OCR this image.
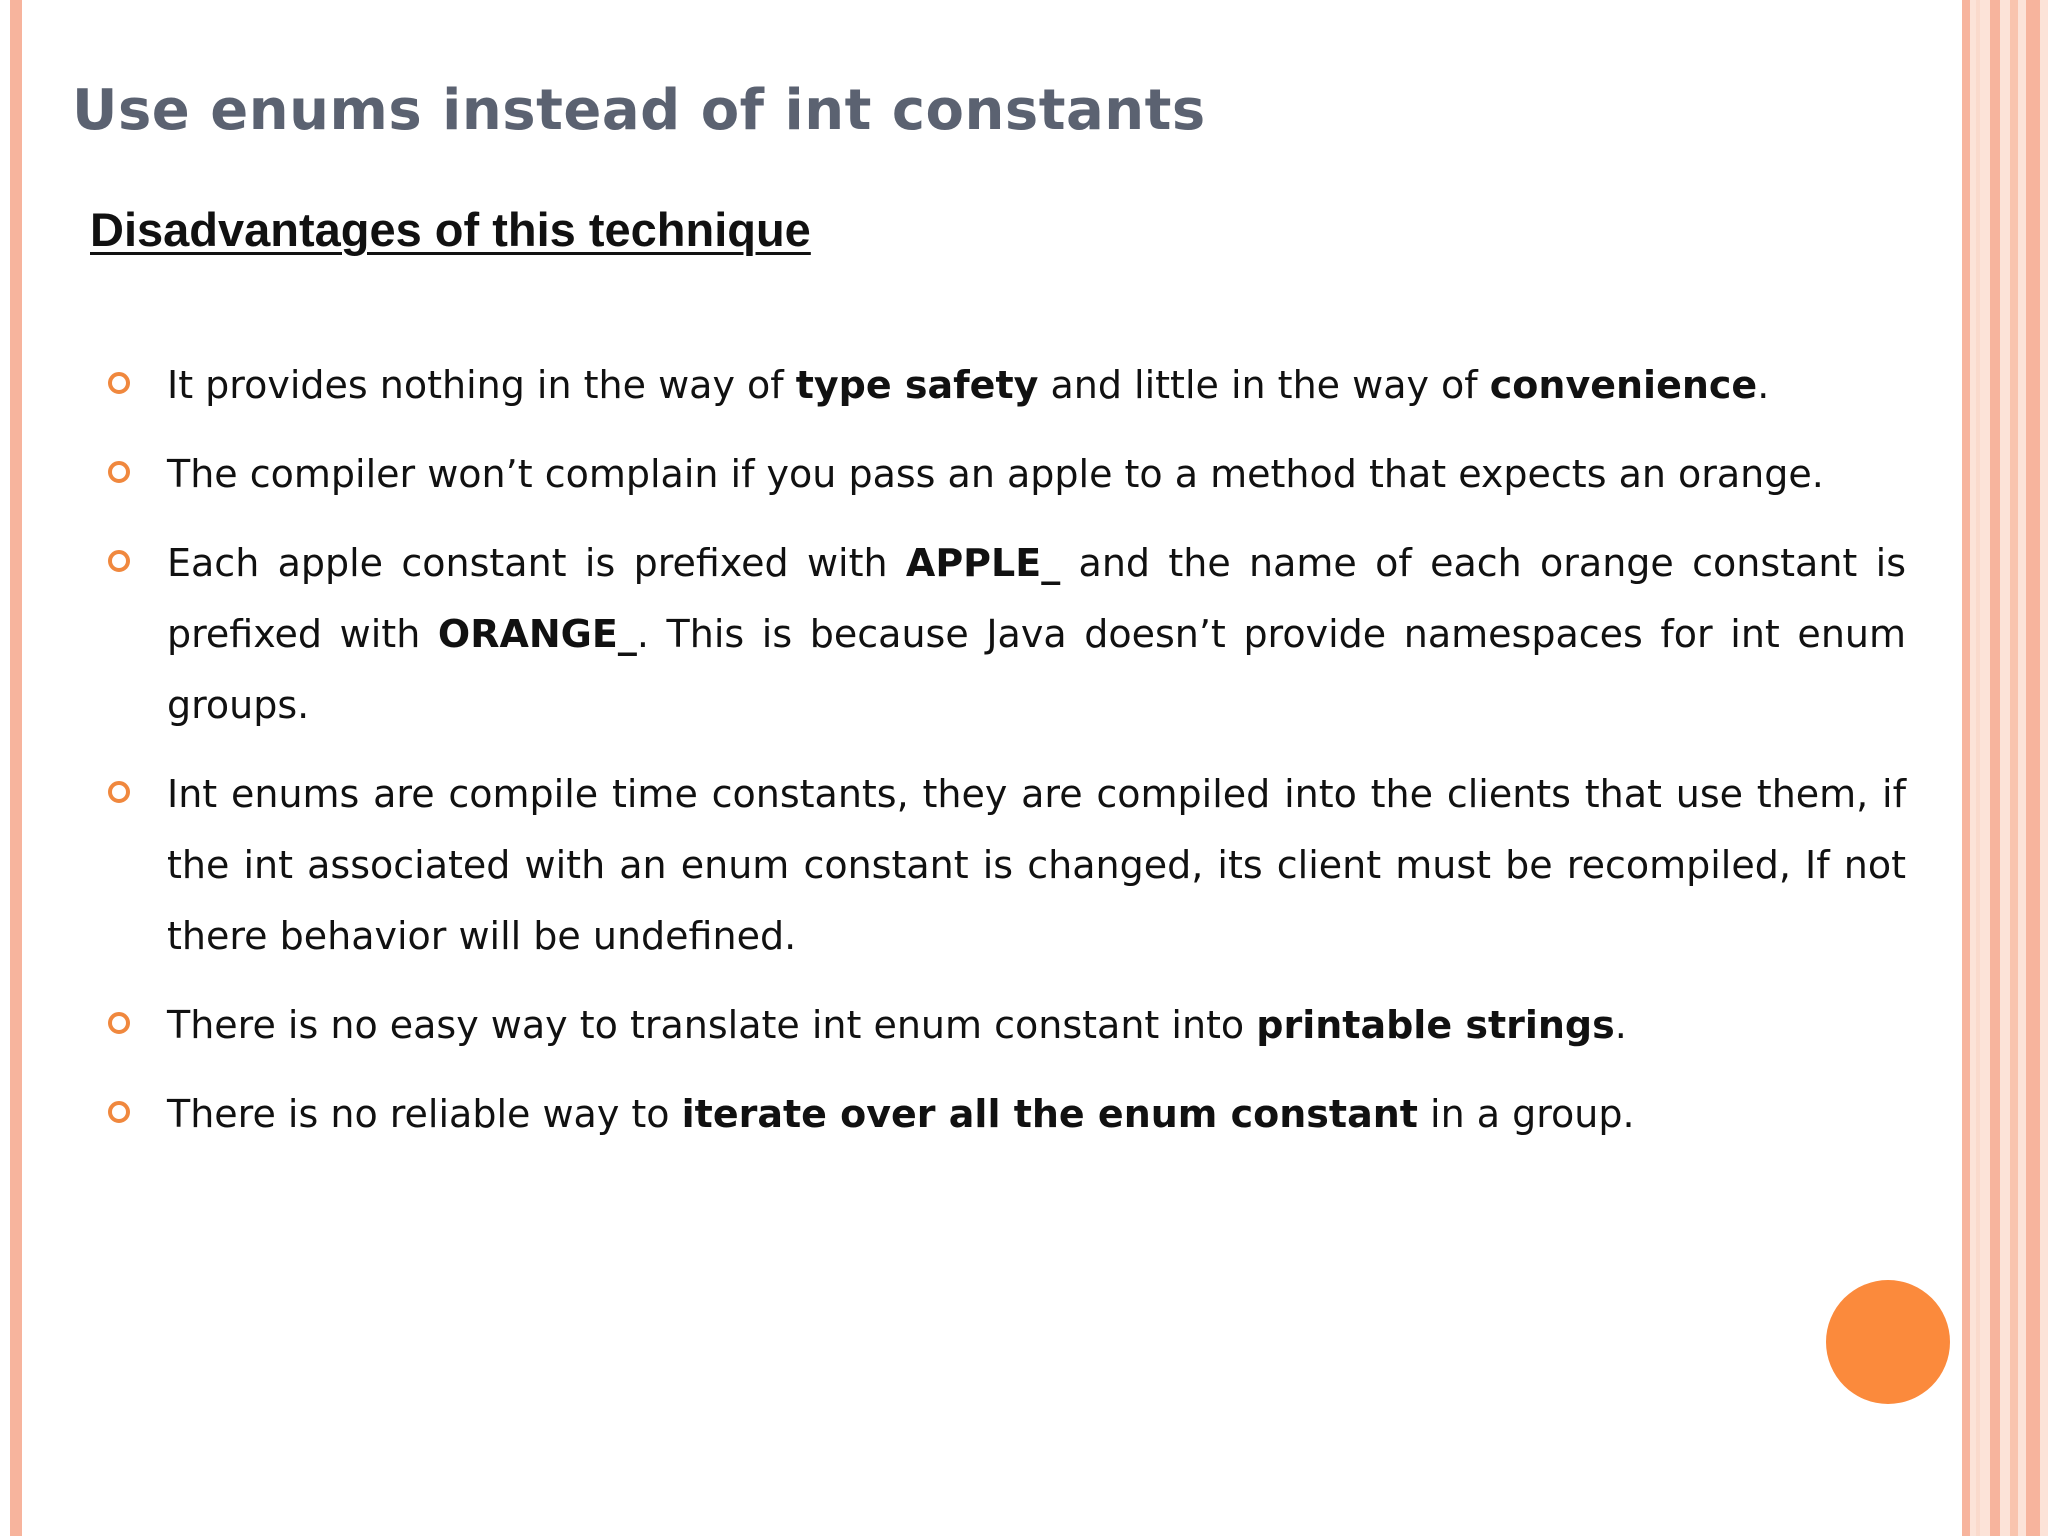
Use enums instead of int constants
Disadvantages of this technique
It provides nothing in the way of type safety and little in the way of convenience.
The compiler won’t complain if you pass an apple to a method that expects an orange.
Each apple constant is prefixed with APPLE_ and the name of each orange constant is prefixed with ORANGE_. This is because Java doesn’t provide namespaces for int enum groups.
Int enums are compile time constants, they are compiled into the clients that use them, if the int associated with an enum constant is changed, its client must be recompiled, If not there behavior will be undefined.
There is no easy way to translate int enum constant into printable strings.
There is no reliable way to iterate over all the enum constant in a group.
